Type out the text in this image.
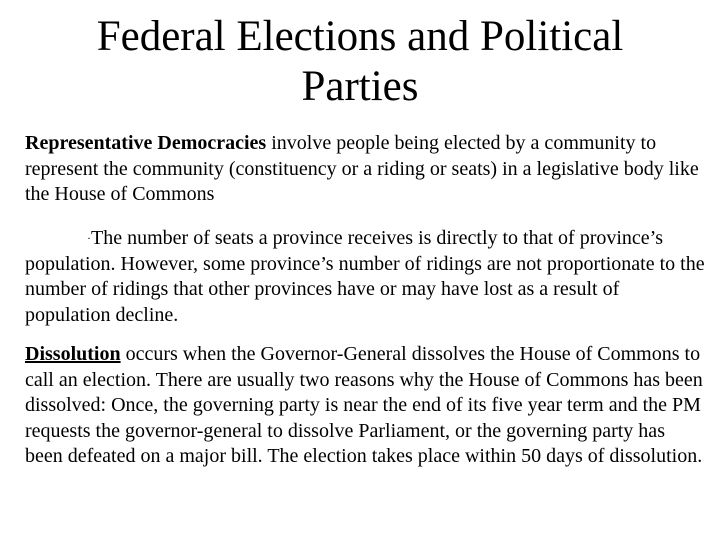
Federal Elections and Political Parties

Representative Democracies involve people being elected by a community to represent the community (constituency or a riding or seats) in a legislative body like the House of Commons

·The number of seats a province receives is directly to that of province’s population. However, some province’s number of ridings are not proportionate to the number of ridings that other provinces have or may have lost as a result of population decline.

Dissolution occurs when the Governor-General dissolves the House of Commons to call an election. There are usually two reasons why the House of Commons has been dissolved: Once, the governing party is near the end of its five year term and the PM requests the governor-general to dissolve Parliament, or the governing party has been defeated on a major bill. The election takes place within 50 days of dissolution.
